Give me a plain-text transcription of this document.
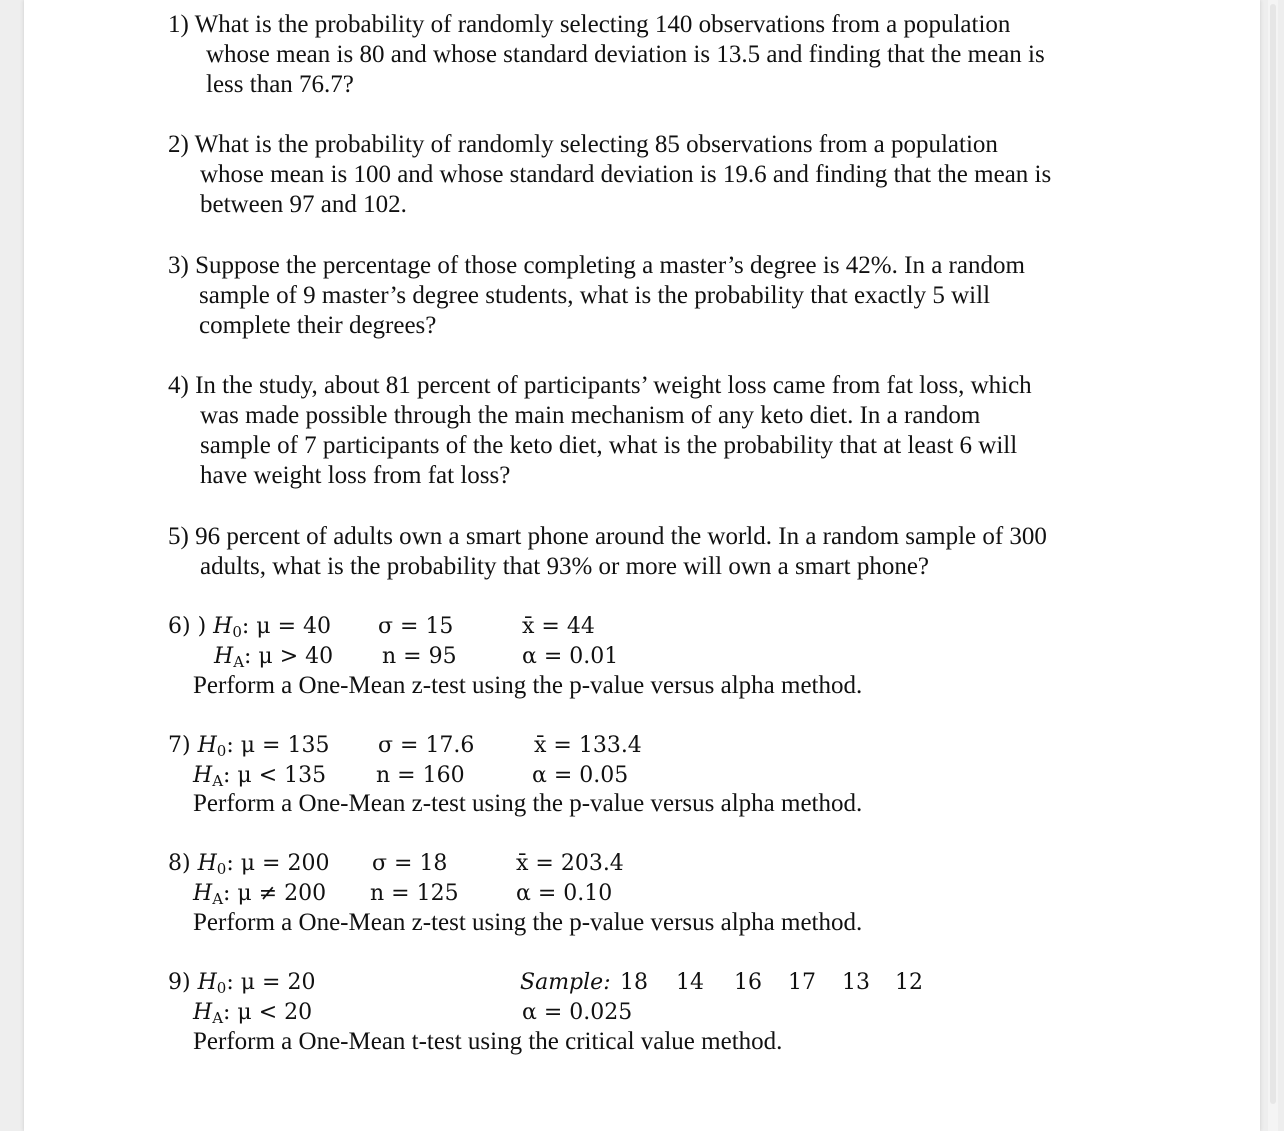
1) What is the probability of randomly selecting 140 observations from a population
whose mean is 80 and whose standard deviation is 13.5 and finding that the mean is
less than 76.7?
2) What is the probability of randomly selecting 85 observations from a population
whose mean is 100 and whose standard deviation is 19.6 and finding that the mean is
between 97 and 102.
3) Suppose the percentage of those completing a master’s degree is 42%. In a random
sample of 9 master’s degree students, what is the probability that exactly 5 will
complete their degrees?
4) In the study, about 81 percent of participants’ weight loss came from fat loss, which
was made possible through the main mechanism of any keto diet. In a random
sample of 7 participants of the keto diet, what is the probability that at least 6 will
have weight loss from fat loss?
5) 96 percent of adults own a smart phone around the world. In a random sample of 300
adults, what is the probability that 93% or more will own a smart phone?
6) ) $H_0$: μ = 40
$H_A$: μ > 40
σ = 15
n = 95
x̄ = 44
α = 0.01
Perform a One-Mean z-test using the p-value versus alpha method.
7) $H_0$: μ = 135
$H_A$: μ < 135
σ = 17.6
n = 160
x̄ = 133.4
α = 0.05
Perform a One-Mean z-test using the p-value versus alpha method.
8) $H_0$: μ = 200
$H_A$: μ ≠ 200
σ = 18
n = 125
x̄ = 203.4
α = 0.10
Perform a One-Mean z-test using the p-value versus alpha method.
9) $H_0$: μ = 20
$H_A$: μ < 20
Sample: 18 14 16 17 13 12
α = 0.025
Perform a One-Mean t-test using the critical value method.
